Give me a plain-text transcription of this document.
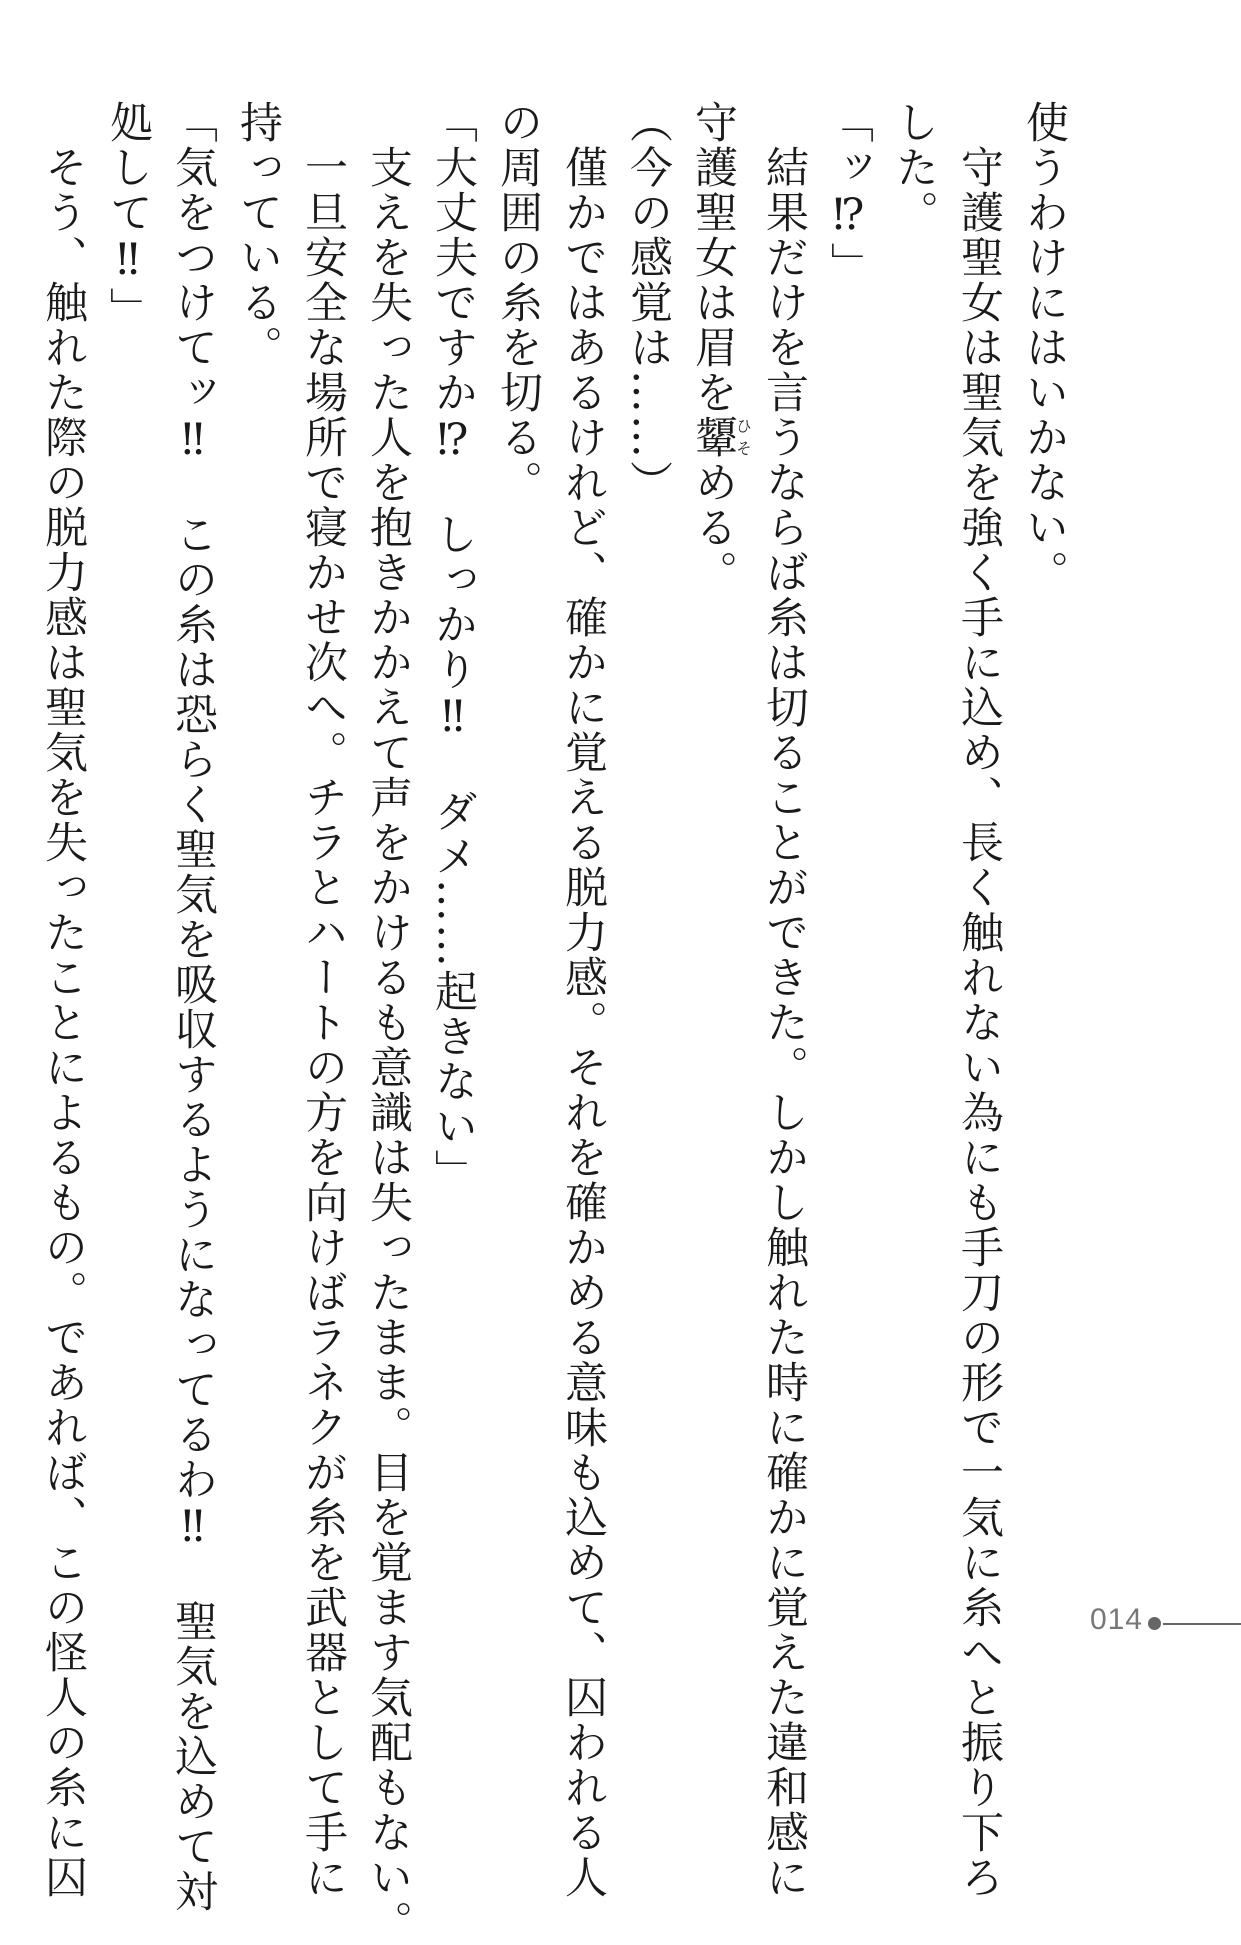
使うわけにはいかない。
　守護聖女は聖気を強く手に込め、長く触れない為にも手刀の形で一気に糸へと振り下ろ
した。
「ッ⁉」
　結果だけを言うならば糸は切ることができた。しかし触れた時に確かに覚えた違和感に
守護聖女は眉を顰ひそめる。
（今の感覚は……）
　僅かではあるけれど、確かに覚える脱力感。それを確かめる意味も込めて、囚われる人
の周囲の糸を切る。
「大丈夫ですか⁉　しっかり‼　ダメ……起きない」
　支えを失った人を抱きかかえて声をかけるも意識は失ったまま。目を覚ます気配もない。
　一旦安全な場所で寝かせ次へ。チラとハートの方を向けばラネクが糸を武器として手に
持っている。
「気をつけてッ‼　この糸は恐らく聖気を吸収するようになってるわ‼　聖気を込めて対
処して‼」
　そう、触れた際の脱力感は聖気を失ったことによるもの。であれば、この怪人の糸に囚	014
